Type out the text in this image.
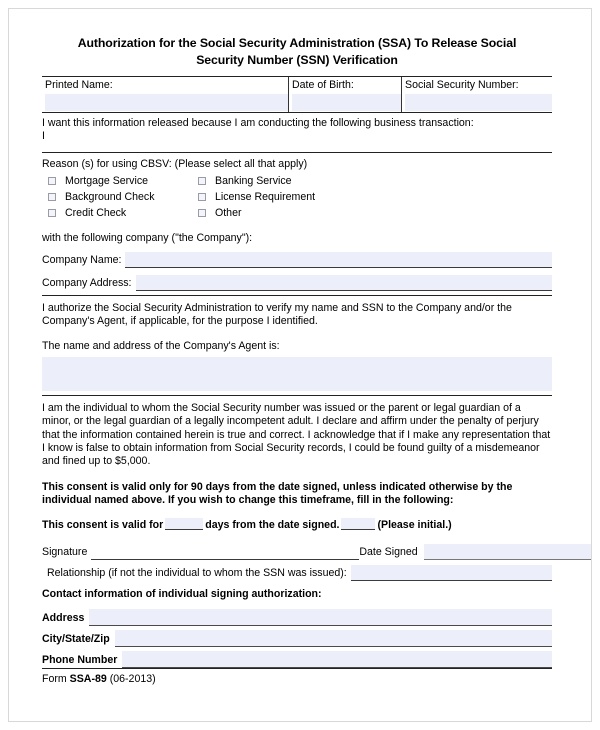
Authorization for the Social Security Administration (SSA) To Release Social Security Number (SSN) Verification
Printed Name:	Date of Birth:	Social Security Number:
I want this information released because I am conducting the following business transaction:
I
Reason (s) for using CBSV: (Please select all that apply)
Mortgage Service	Banking Service
Background Check	License Requirement
Credit Check	Other
with the following company ("the Company"):
Company Name:
Company Address:
I authorize the Social Security Administration to verify my name and SSN to the Company and/or the Company's Agent, if applicable, for the purpose I identified.
The name and address of the Company's Agent is:
I am the individual to whom the Social Security number was issued or the parent or legal guardian of a minor, or the legal guardian of a legally incompetent adult. I declare and affirm under the penalty of perjury that the information contained herein is true and correct. I acknowledge that if I make any representation that I know is false to obtain information from Social Security records, I could be found guilty of a misdemeanor and fined up to $5,000.
This consent is valid only for 90 days from the date signed, unless indicated otherwise by the individual named above. If you wish to change this timeframe, fill in the following:
This consent is valid for	days from the date signed.	(Please initial.)
Signature	Date Signed
Relationship (if not the individual to whom the SSN was issued):
Contact information of individual signing authorization:
Address
City/State/Zip
Phone Number
Form SSA-89 (06-2013)
